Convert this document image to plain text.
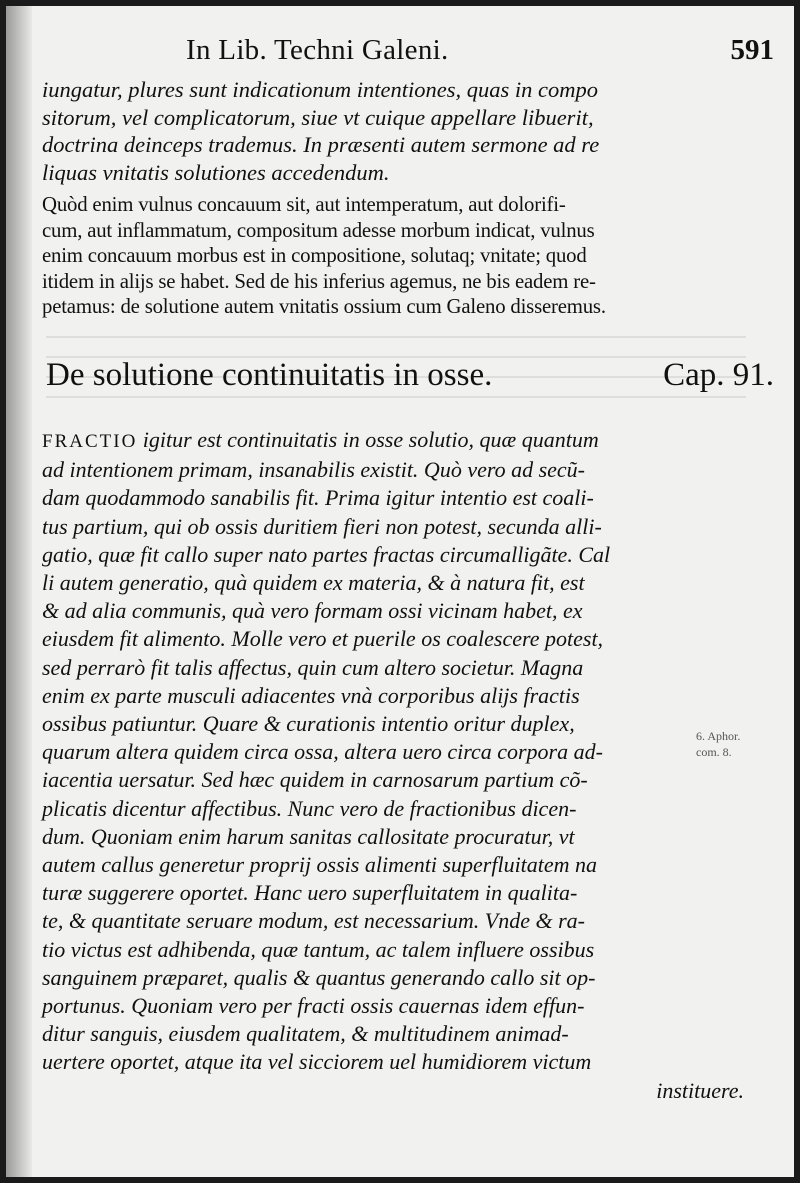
In Lib. Techni Galeni.	591
iungatur, plures sunt indicationum intentiones, quas in compo
sitorum, vel complicatorum, siue vt cuique appellare libuerit,
doctrina deinceps trademus. In præsenti autem sermone ad re
liquas vnitatis solutiones accedendum.
Quòd enim vulnus concauum sit, aut intemperatum, aut dolorifi-
cum, aut inflammatum, compositum adesse morbum indicat, vulnus
enim concauum morbus est in compositione, solutaq; vnitate; quod
itidem in alijs se habet. Sed de his inferius agemus, ne bis eadem re-
petamus: de solutione autem vnitatis ossium cum Galeno disseremus.
De solutione continuitatis in osse.	Cap. 91.
FRACTIO igitur est continuitatis in osse solutio, quæ quantum
ad intentionem primam, insanabilis existit. Quò vero ad secũ-
dam quodammodo sanabilis fit. Prima igitur intentio est coali-
tus partium, qui ob ossis duritiem fieri non potest, secunda alli-
gatio, quæ fit callo super nato partes fractas circumalligãte. Cal
li autem generatio, quà quidem ex materia, & à natura fit, est
& ad alia communis, quà vero formam ossi vicinam habet, ex
eiusdem fit alimento. Molle vero et puerile os coalescere potest,
sed perrarò fit talis affectus, quin cum altero societur. Magna
enim ex parte musculi adiacentes vnà corporibus alijs fractis
ossibus patiuntur. Quare & curationis intentio oritur duplex,
quarum altera quidem circa ossa, altera uero circa corpora ad-
iacentia uersatur. Sed hæc quidem in carnosarum partium cõ-
plicatis dicentur affectibus. Nunc vero de fractionibus dicen-
dum. Quoniam enim harum sanitas callositate procuratur, vt
autem callus generetur proprij ossis alimenti superfluitatem na
turæ suggerere oportet. Hanc uero superfluitatem in qualita-
te, & quantitate seruare modum, est necessarium. Vnde & ra-
tio victus est adhibenda, quæ tantum, ac talem influere ossibus
sanguinem præparet, qualis & quantus generando callo sit op-
portunus. Quoniam vero per fracti ossis cauernas idem effun-
ditur sanguis, eiusdem qualitatem, & multitudinem animad-
uertere oportet, atque ita vel sicciorem uel humidiorem victum
instituere.
6. Aphor.
com. 8.
